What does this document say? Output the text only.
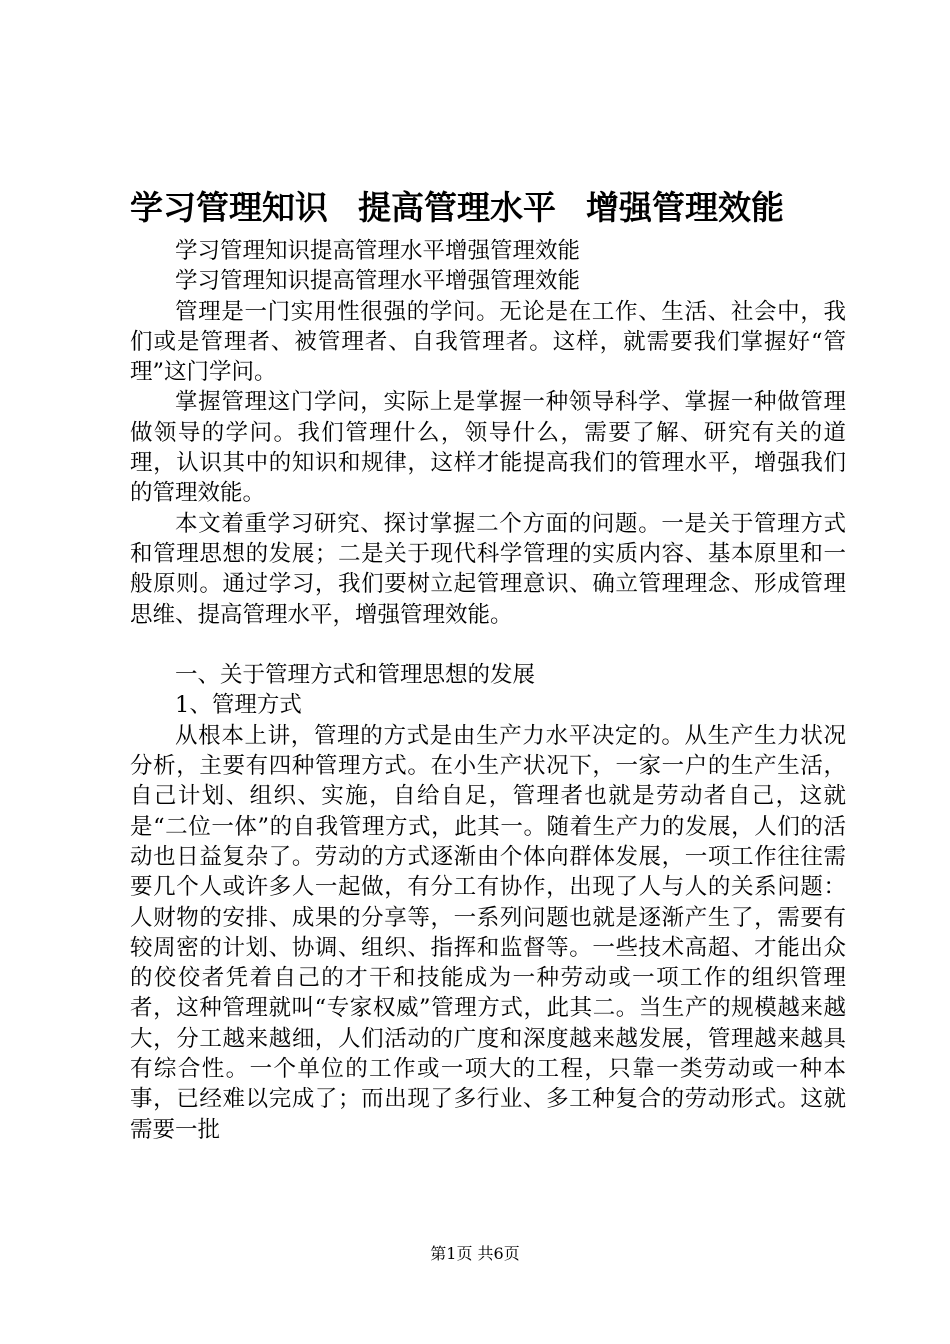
学习管理知识 提高管理水平 增强管理效能

学习管理知识提高管理水平增强管理效能

学习管理知识提高管理水平增强管理效能

管理是一门实用性很强的学问。无论是在工作、生活、社会中，我们或是管理者、被管理者、自我管理者。这样，就需要我们掌握好“管理”这门学问。

掌握管理这门学问，实际上是掌握一种领导科学、掌握一种做管理做领导的学问。我们管理什么，领导什么，需要了解、研究有关的道理，认识其中的知识和规律，这样才能提高我们的管理水平，增强我们的管理效能。

本文着重学习研究、探讨掌握二个方面的问题。一是关于管理方式和管理思想的发展；二是关于现代科学管理的实质内容、基本原里和一般原则。通过学习，我们要树立起管理意识、确立管理理念、形成管理思维、提高管理水平，增强管理效能。

一、关于管理方式和管理思想的发展

1、管理方式

从根本上讲，管理的方式是由生产力水平决定的。从生产生力状况分析，主要有四种管理方式。在小生产状况下，一家一户的生产生活，自己计划、组织、实施，自给自足，管理者也就是劳动者自己，这就是“二位一体”的自我管理方式，此其一。随着生产力的发展，人们的活动也日益复杂了。劳动的方式逐渐由个体向群体发展，一项工作往往需要几个人或许多人一起做，有分工有协作，出现了人与人的关系问题：人财物的安排、成果的分享等，一系列问题也就是逐渐产生了，需要有较周密的计划、协调、组织、指挥和监督等。一些技术高超、才能出众的佼佼者凭着自己的才干和技能成为一种劳动或一项工作的组织管理者，这种管理就叫“专家权威”管理方式，此其二。当生产的规模越来越大，分工越来越细，人们活动的广度和深度越来越发展，管理越来越具有综合性。一个单位的工作或一项大的工程，只靠一类劳动或一种本事，已经难以完成了；而出现了多行业、多工种复合的劳动形式。这就需要一批

第1页 共6页
